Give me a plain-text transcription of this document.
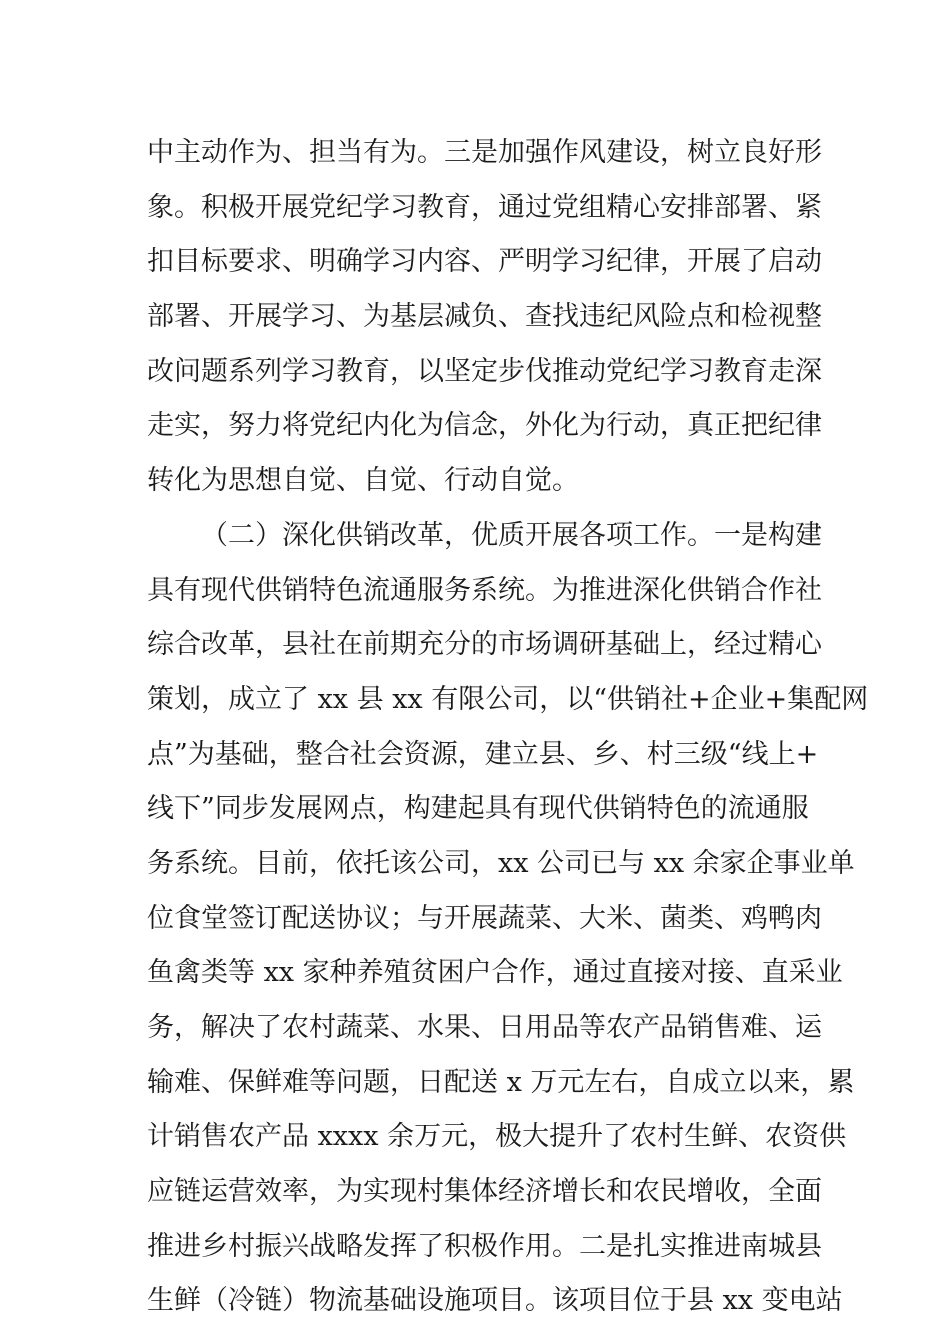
中主动作为、担当有为。三是加强作风建设，树立良好形
象。积极开展党纪学习教育，通过党组精心安排部署、紧
扣目标要求、明确学习内容、严明学习纪律，开展了启动
部署、开展学习、为基层减负、查找违纪风险点和检视整
改问题系列学习教育，以坚定步伐推动党纪学习教育走深
走实，努力将党纪内化为信念，外化为行动，真正把纪律
转化为思想自觉、自觉、行动自觉。
（二）深化供销改革，优质开展各项工作。一是构建
具有现代供销特色流通服务系统。为推进深化供销合作社
综合改革，县社在前期充分的市场调研基础上，经过精心
策划，成立了 xx 县 xx 有限公司，以“供销社+企业+集配网
点”为基础，整合社会资源，建立县、乡、村三级“线上+
线下”同步发展网点，构建起具有现代供销特色的流通服
务系统。目前，依托该公司，xx 公司已与 xx 余家企事业单
位食堂签订配送协议；与开展蔬菜、大米、菌类、鸡鸭肉
鱼禽类等 xx 家种养殖贫困户合作，通过直接对接、直采业
务，解决了农村蔬菜、水果、日用品等农产品销售难、运
输难、保鲜难等问题，日配送 x 万元左右，自成立以来，累
计销售农产品 xxxx 余万元，极大提升了农村生鲜、农资供
应链运营效率，为实现村集体经济增长和农民增收，全面
推进乡村振兴战略发挥了积极作用。二是扎实推进南城县
生鲜（冷链）物流基础设施项目。该项目位于县 xx 变电站
